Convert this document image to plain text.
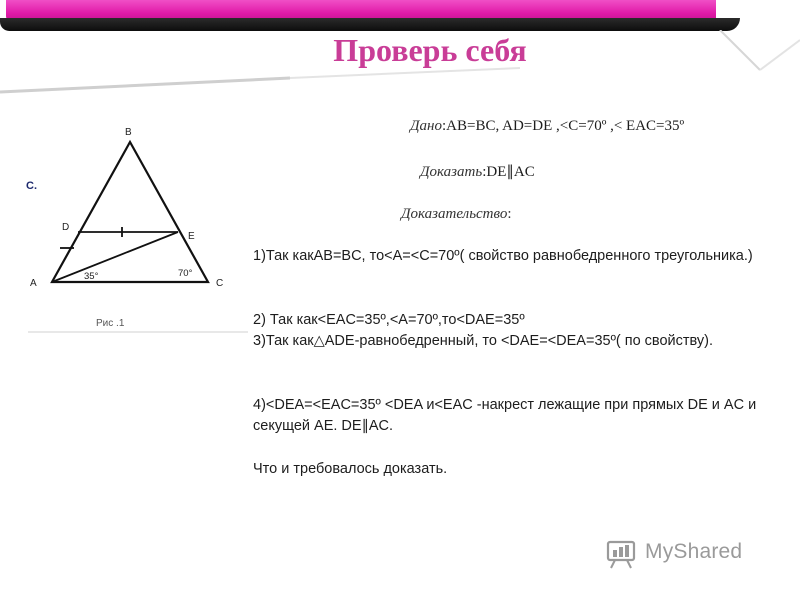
Проверь себя
C.
B
A	C
D
E
35°	70°
Рис .1
Дано:AB=BC, AD=DE ,<C=70º ,< EAC=35º
Доказать:DE∥AC
Доказательство:
1)Так какAB=BC, то<A=<C=70º( свойство равнобедренного треугольника.)
2) Так как<EAC=35º,<A=70º,то<DAE=35º
3)Так как△ADE-равнобедренный, то <DAE=<DEA=35º( по свойству).
4)<DEA=<EAC=35º <DEA и<EAC -накрест лежащие при прямых DE и AC и секущей AE. DE∥AC.
Что и требовалось доказать.
MyShared
